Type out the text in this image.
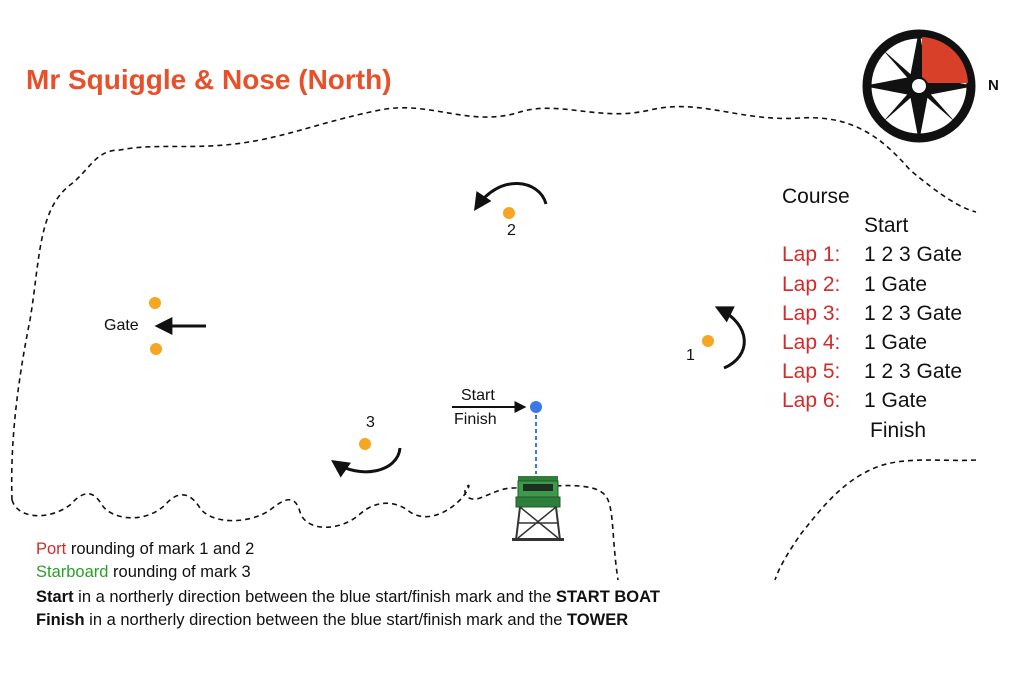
Mr Squiggle & Nose (North)	N
2
1
3
Gate
Start
Finish
Course
Start
Lap 1: 1 2 3 Gate
Lap 2: 1 Gate
Lap 3: 1 2 3 Gate
Lap 4: 1 Gate
Lap 5: 1 2 3 Gate
Lap 6: 1 Gate
Finish
Port rounding of mark 1 and 2
Starboard rounding of mark 3
Start in a northerly direction between the blue start/finish mark and the START BOAT
Finish in a northerly direction between the blue start/finish mark and the TOWER
